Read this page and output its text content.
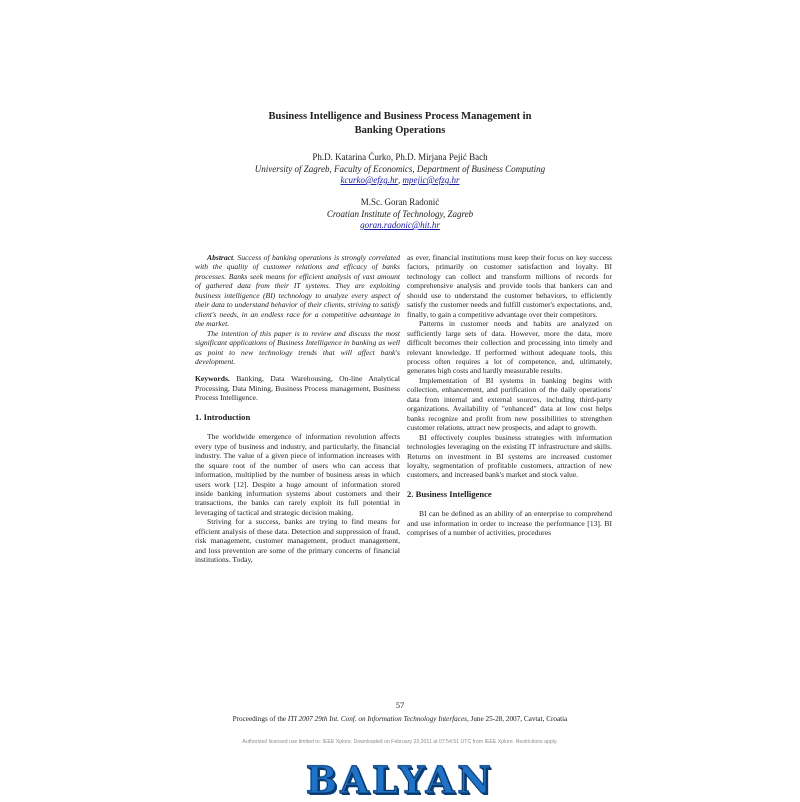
Business Intelligence and Business Process Management in
Banking Operations
Ph.D. Katarina Ćurko, Ph.D. Mirjana Pejić Bach
University of Zagreb, Faculty of Economics, Department of Business Computing
kcurko@efzg.hr, mpejic@efzg.hr
M.Sc. Goran Radonić
Croatian Institute of Technology, Zagreb
goran.radonic@hit.hr

Abstract. Success of banking operations is strongly correlated with the quality of customer relations and efficacy of banks processes. Banks seek means for efficient analysis of vast amount of gathered data from their IT systems. They are exploiting business intelligence (BI) technology to analyze every aspect of their data to understand behavior of their clients, striving to satisfy client's needs, in an endless race for a competitive advantage in the market.

The intention of this paper is to review and discuss the most significant applications of Business Intelligence in banking as well as point to new technology trends that will affect bank's development.

Keywords. Banking, Data Warehousing, On-line Analytical Processing, Data Mining, Business Process management, Business Process Intelligence.

1. Introduction

The worldwide emergence of information revolution affects every type of business and industry, and particularly, the financial industry. The value of a given piece of information increases with the square root of the number of users who can access that information, multiplied by the number of business areas in which users work [12]. Despite a huge amount of information stored inside banking information systems about customers and their transactions, the banks can rarely exploit its full potential in leveraging of tactical and strategic decision making.

Striving for a success, banks are trying to find means for efficient analysis of these data. Detection and suppression of fraud, risk management, customer management, product management, and loss prevention are some of the primary concerns of financial institutions. Today,

as ever, financial institutions must keep their focus on key success factors, primarily on customer satisfaction and loyalty. BI technology can collect and transform millions of records for comprehensive analysis and provide tools that bankers can and should use to understand the customer behaviors, to efficiently satisfy the customer needs and fulfill customer's expectations, and, finally, to gain a competitive advantage over their competitors.

Patterns in customer needs and habits are analyzed on sufficiently large sets of data. However, more the data, more difficult becomes their collection and processing into timely and relevant knowledge. If performed without adequate tools, this process often requires a lot of competence, and, ultimately, generates high costs and hardly measurable results.

Implementation of BI systems in banking begins with collection, enhancement, and purification of the daily operations' data from internal and external sources, including third-party organizations. Availability of "enhanced" data at low cost helps banks recognize and profit from new possibilities to strengthen customer relations, attract new prospects, and adapt to growth.

BI effectively couples business strategies with information technologies leveraging on the existing IT infrastructure and skills. Returns on investment in BI systems are increased customer loyalty, segmentation of profitable customers, attraction of new customers, and increased bank's market and stock value.

2. Business Intelligence

BI can be defined as an ability of an enterprise to comprehend and use information in order to increase the performance [13]. BI comprises of a number of activities, procedures

57
Proceedings of the ITI 2007 29th Int. Conf. on Information Technology Interfaces, June 25-28, 2007, Cavtat, Croatia
Authorized licensed use limited to: IEEE Xplore. Downloaded on February 23,2011 at 07:54:51 UTC from IEEE Xplore. Restrictions apply.
BALYAN
